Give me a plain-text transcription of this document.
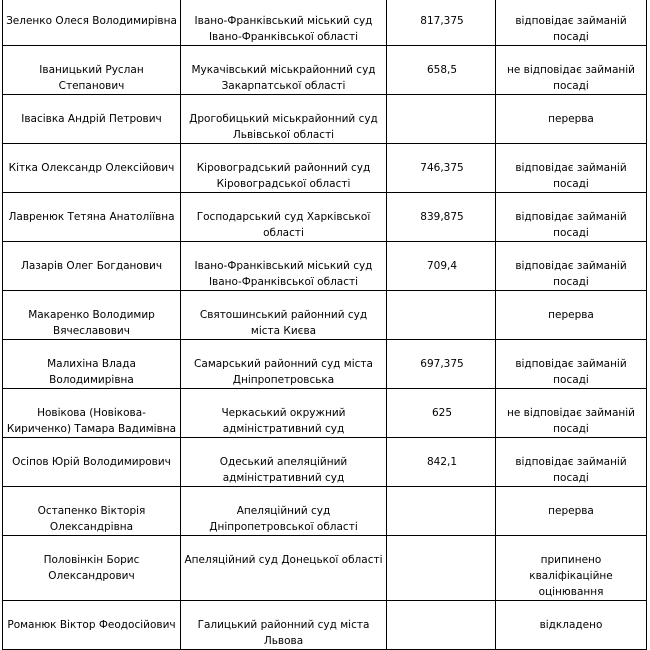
Зеленко Олеся Володимирівна	Івано-Франківський міський суд Івано-Франківської області	817,375	відповідає займаній посаді

Іваницький Руслан Степанович	Мукачівський міськрайонний суд Закарпатської області	658,5	не відповідає займаній посаді

Івасівка Андрій Петрович	Дрогобицький міськрайонний суд Львівської області		перерва

Кітка Олександр Олексійович	Кіровоградський районний суд Кіровоградської області	746,375	відповідає займаній посаді

Лавренюк Тетяна Анатоліївна	Господарський суд Харківської області	839,875	відповідає займаній посаді

Лазарів Олег Богданович	Івано-Франківський міський суд Івано-Франківської області	709,4	відповідає займаній посаді

Макаренко Володимир Вячеславович	Святошинський районний суд міста Києва		перерва

Малихіна Влада Володимирівна	Самарський районний суд міста Дніпропетровська	697,375	відповідає займаній посаді

Новікова (Новікова-Кириченко) Тамара Вадимівна	Черкаський окружний адміністративний суд	625	не відповідає займаній посаді

Осіпов Юрій Володимирович	Одеський апеляційний адміністративний суд	842,1	відповідає займаній посаді

Остапенко Вікторія Олександрівна	Апеляційний суд Дніпропетровської області		перерва

Половінкін Борис Олександрович	Апеляційний суд Донецької області		припинено кваліфікаційне оцінювання

Романюк Віктор Феодосійович	Галицький районний суд міста Львова		відкладено
